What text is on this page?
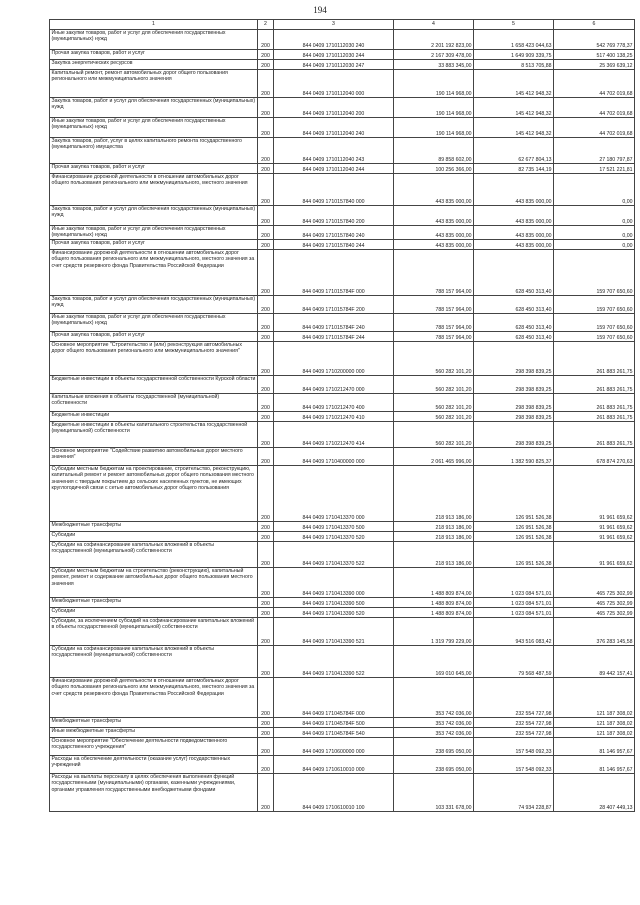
194
1	2	3	4	5	6
Иные закупки товаров, работ и услуг для обеспечения государственных (муниципальных) нужд	200	844 0409 1710112030 240	2 201 192 823,00	1 658 423 044,63	542 769 778,37
Прочая закупка товаров, работ и услуг	200	844 0409 1710112030 244	2 167 309 478,00	1 649 909 339,75	517 400 138,25
Закупка энергетических ресурсов	200	844 0409 1710112030 247	33 883 345,00	8 513 705,88	25 369 639,12
Капитальный ремонт, ремонт автомобильных дорог общего пользования регионального или межмуниципального значения	200	844 0409 1710112040 000	190 114 968,00	145 412 948,32	44 702 019,68
Закупка товаров, работ и услуг для обеспечения государственных (муниципальных) нужд	200	844 0409 1710112040 200	190 114 968,00	145 412 948,32	44 702 019,68
Иные закупки товаров, работ и услуг для обеспечения государственных (муниципальных) нужд	200	844 0409 1710112040 240	190 114 968,00	145 412 948,32	44 702 019,68
Закупка товаров, работ, услуг в целях капитального ремонта государственного (муниципального) имущества	200	844 0409 1710112040 243	89 858 602,00	62 677 804,13	27 180 797,87
Прочая закупка товаров, работ и услуг	200	844 0409 1710112040 244	100 256 366,00	82 735 144,19	17 521 221,81
Финансирование дорожной деятельности в отношении автомобильных дорог общего пользования регионального или межмуниципального, местного значения	200	844 0409 1710157840 000	443 835 000,00	443 835 000,00	0,00
Закупка товаров, работ и услуг для обеспечения государственных (муниципальных) нужд	200	844 0409 1710157840 200	443 835 000,00	443 835 000,00	0,00
Иные закупки товаров, работ и услуг для обеспечения государственных (муниципальных) нужд	200	844 0409 1710157840 240	443 835 000,00	443 835 000,00	0,00
Прочая закупка товаров, работ и услуг	200	844 0409 1710157840 244	443 835 000,00	443 835 000,00	0,00
Финансирование дорожной деятельности в отношении автомобильных дорог общего пользования регионального или межмуниципального, местного значения за счет средств резервного фонда Правительства Российской Федерации	200	844 0409 171015784F 000	788 157 964,00	628 450 313,40	159 707 650,60
Закупка товаров, работ и услуг для обеспечения государственных (муниципальных) нужд	200	844 0409 171015784F 200	788 157 964,00	628 450 313,40	159 707 650,60
Иные закупки товаров, работ и услуг для обеспечения государственных (муниципальных) нужд	200	844 0409 171015784F 240	788 157 964,00	628 450 313,40	159 707 650,60
Прочая закупка товаров, работ и услуг	200	844 0409 171015784F 244	788 157 964,00	628 450 313,40	159 707 650,60
Основное мероприятие "Строительство и (или) реконструкция автомобильных дорог общего пользования регионального или межмуниципального значения"	200	844 0409 1710200000 000	560 282 101,20	298 398 839,25	261 883 261,75
Бюджетные инвестиции в объекты государственной собственности Курской области	200	844 0409 1710212470 000	560 282 101,20	298 398 839,25	261 883 261,75
Капитальные вложения в объекты государственной (муниципальной) собственности	200	844 0409 1710212470 400	560 282 101,20	298 398 839,25	261 883 261,75
Бюджетные инвестиции	200	844 0409 1710212470 410	560 282 101,20	298 398 839,25	261 883 261,75
Бюджетные инвестиции в объекты капитального строительства государственной (муниципальной) собственности	200	844 0409 1710212470 414	560 282 101,20	298 398 839,25	261 883 261,75
Основное мероприятие "Содействие развитию автомобильных дорог местного значения"	200	844 0409 1710400000 000	2 061 465 996,00	1 382 590 825,37	678 874 270,63
Субсидии местным бюджетам на проектирование, строительство, реконструкцию, капитальный ремонт и ремонт автомобильных дорог общего пользования местного значения с твердым покрытием до сельских населенных пунктов, не имеющих круглогодичной связи с сетью автомобильных дорог общего пользования	200	844 0409 1710413370 000	218 913 186,00	126 951 526,38	91 961 659,62
Межбюджетные трансферты	200	844 0409 1710413370 500	218 913 186,00	126 951 526,38	91 961 659,62
Субсидии	200	844 0409 1710413370 520	218 913 186,00	126 951 526,38	91 961 659,62
Субсидии на софинансирование капитальных вложений в объекты государственной (муниципальной) собственности	200	844 0409 1710413370 522	218 913 186,00	126 951 526,38	91 961 659,62
Субсидии местным бюджетам на строительство (реконструкцию), капитальный ремонт, ремонт и содержание автомобильных дорог общего пользования местного значения	200	844 0409 1710413390 000	1 488 809 874,00	1 023 084 571,01	465 725 302,99
Межбюджетные трансферты	200	844 0409 1710413390 500	1 488 809 874,00	1 023 084 571,01	465 725 302,99
Субсидии	200	844 0409 1710413390 520	1 488 809 874,00	1 023 084 571,01	465 725 302,99
Субсидии, за исключением субсидий на софинансирование капитальных вложений в объекты государственной (муниципальной) собственности	200	844 0409 1710413390 521	1 319 799 229,00	943 516 083,42	376 283 145,58
Субсидии на софинансирование капитальных вложений в объекты государственной (муниципальной) собственности	200	844 0409 1710413390 522	169 010 645,00	79 568 487,59	89 442 157,41
Финансирование дорожной деятельности в отношении автомобильных дорог общего пользования регионального или межмуниципального, местного значения за счет средств резервного фонда Правительства Российской Федерации	200	844 0409 171045784F 000	353 742 036,00	232 554 727,98	121 187 308,02
Межбюджетные трансферты	200	844 0409 171045784F 500	353 742 036,00	232 554 727,98	121 187 308,02
Иные межбюджетные трансферты	200	844 0409 171045784F 540	353 742 036,00	232 554 727,98	121 187 308,02
Основное мероприятие "Обеспечение деятельности подведомственного государственного учреждения"	200	844 0409 1710600000 000	238 695 050,00	157 548 092,33	81 146 957,67
Расходы на обеспечение деятельности (оказание услуг) государственных учреждений	200	844 0409 1710610010 000	238 695 050,00	157 548 092,33	81 146 957,67
Расходы на выплаты персоналу в целях обеспечения выполнения функций государственными (муниципальными) органами, казенными учреждениями, органами управления государственными внебюджетными фондами	200	844 0409 1710610010 100	103 331 678,00	74 934 228,87	28 407 449,13
